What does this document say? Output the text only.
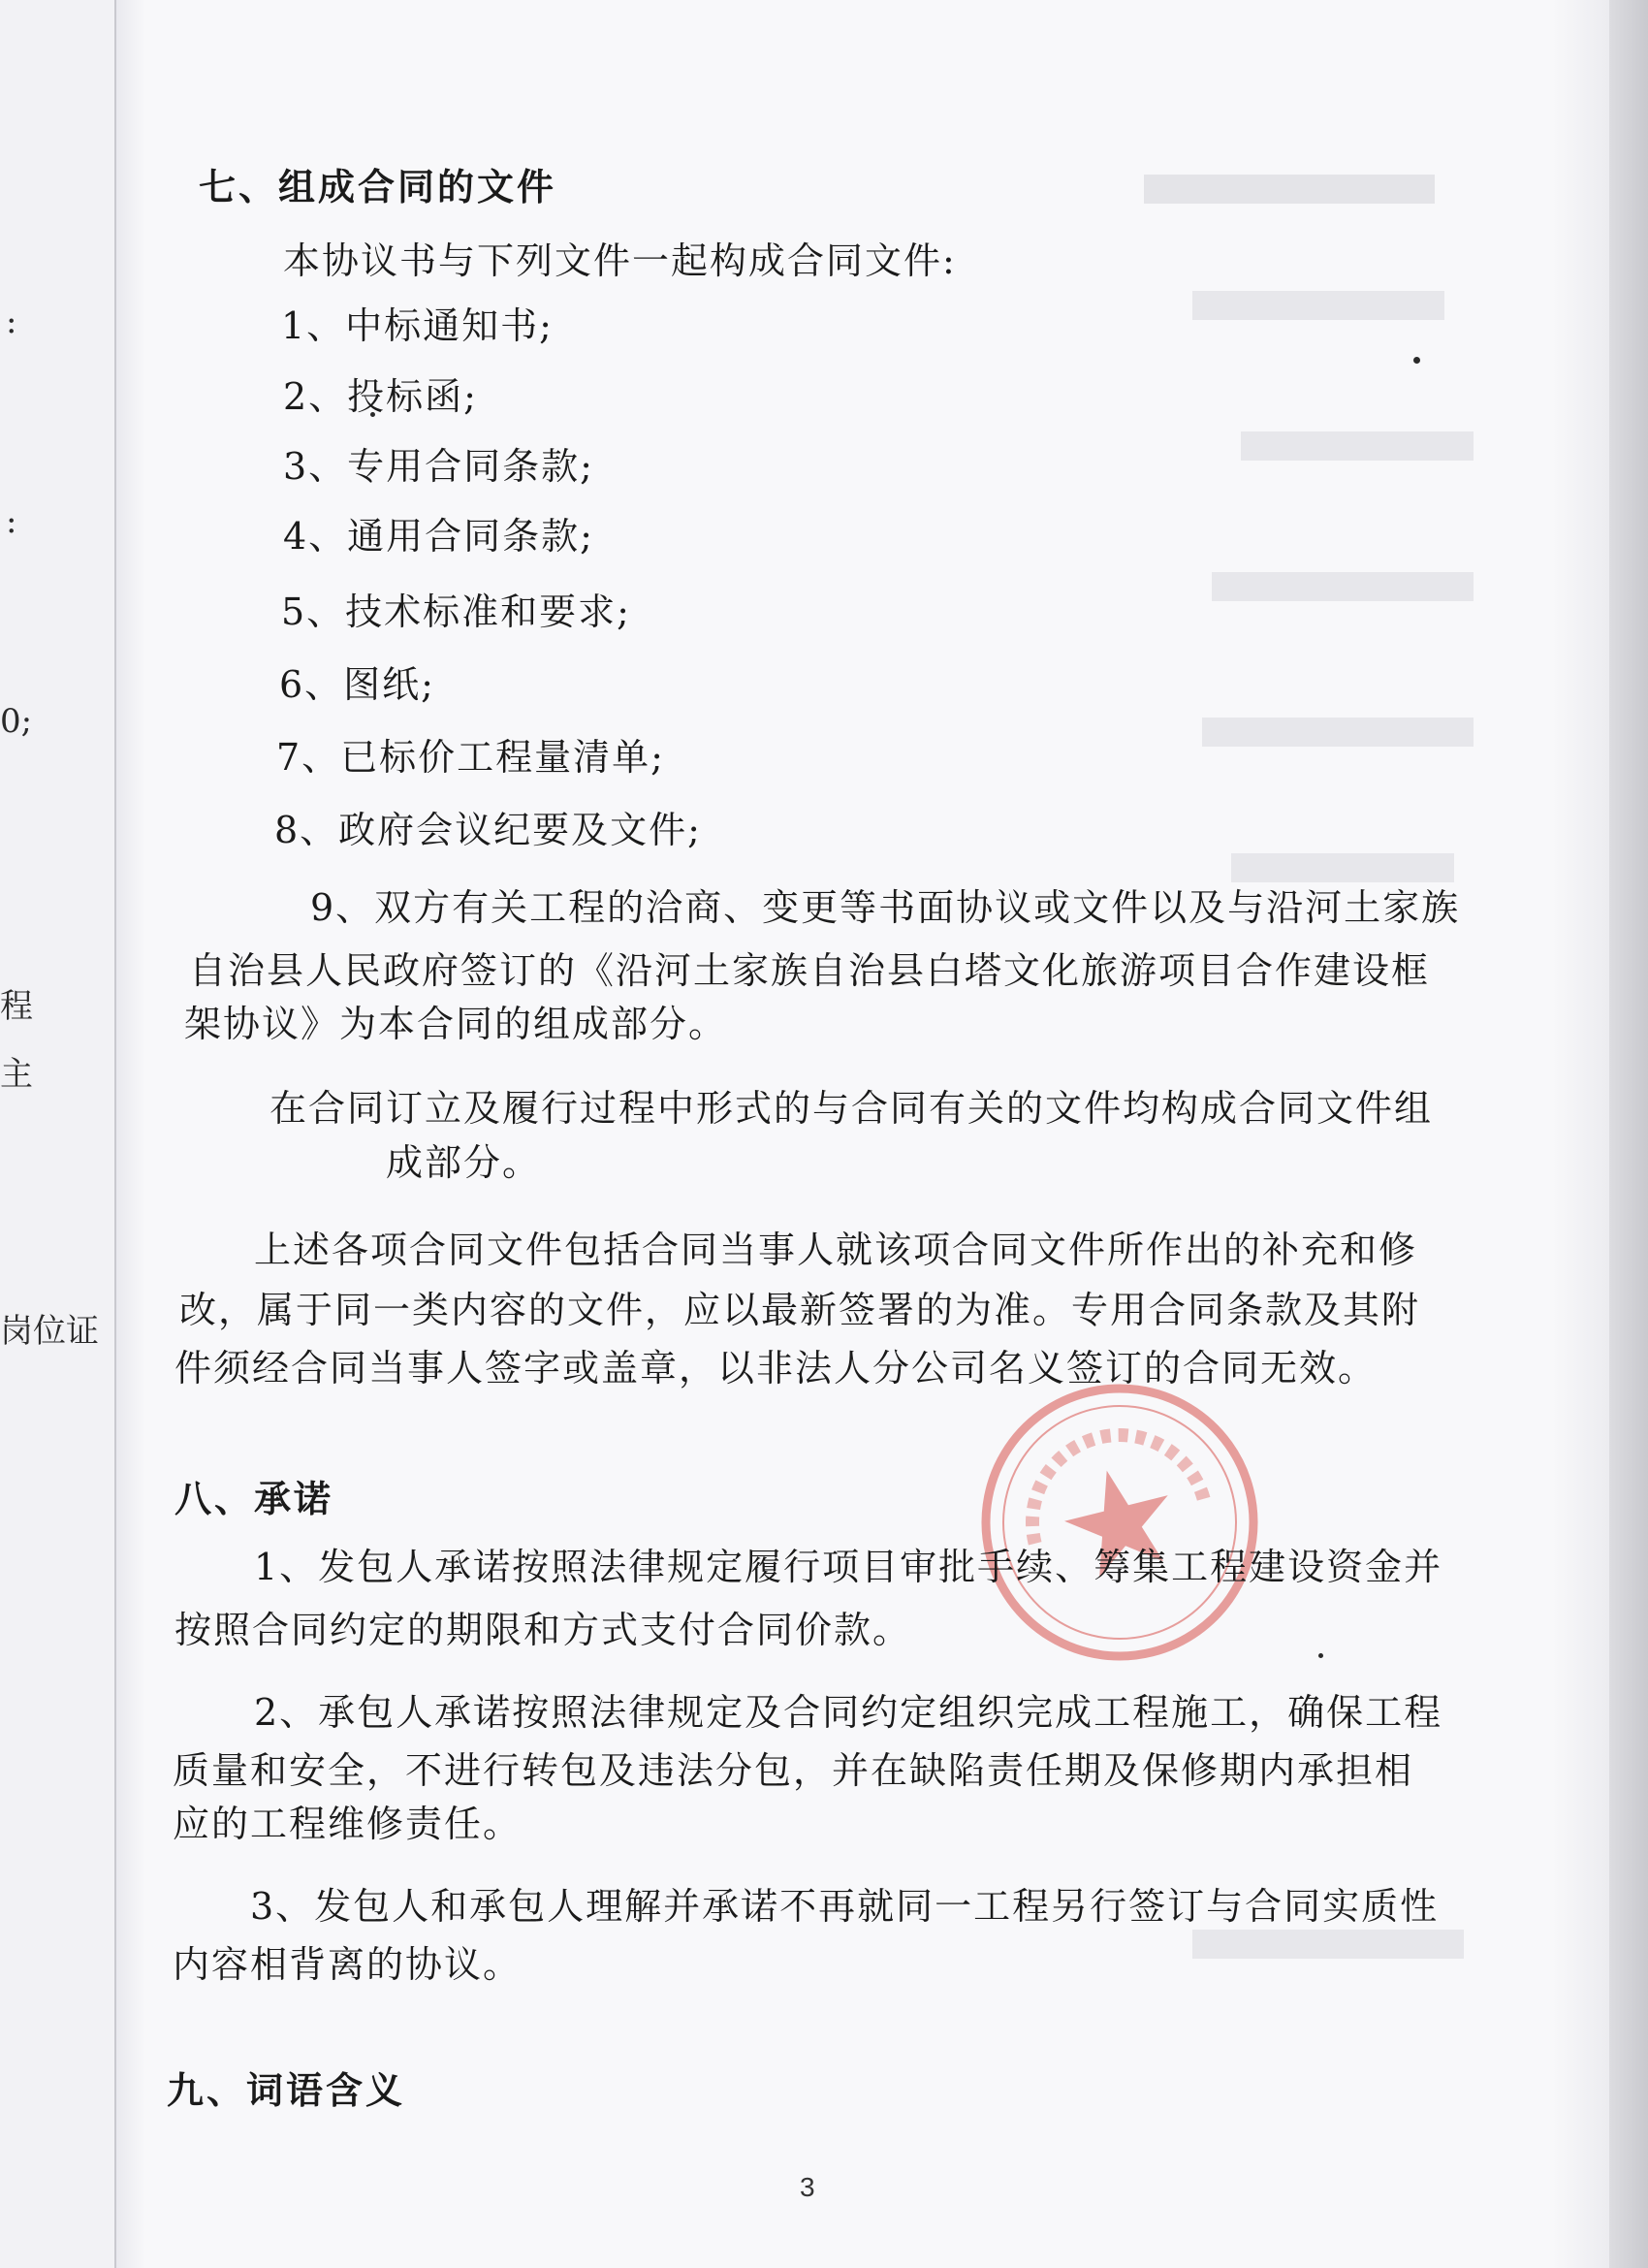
:
:
0;
程
主
岗位证
七、组成合同的文件
本协议书与下列文件一起构成合同文件:
1、中标通知书;
2、投标函;
3、专用合同条款;
4、通用合同条款;
5、技术标准和要求;
6、图纸;
7、已标价工程量清单;
8、政府会议纪要及文件;
9、双方有关工程的洽商、变更等书面协议或文件以及与沿河土家族
自治县人民政府签订的《沿河土家族自治县白塔文化旅游项目合作建设框
架协议》为本合同的组成部分。
在合同订立及履行过程中形式的与合同有关的文件均构成合同文件组
成部分。
上述各项合同文件包括合同当事人就该项合同文件所作出的补充和修
改，属于同一类内容的文件，应以最新签署的为准。专用合同条款及其附
件须经合同当事人签字或盖章，以非法人分公司名义签订的合同无效。
八、承诺
1、发包人承诺按照法律规定履行项目审批手续、筹集工程建设资金并
按照合同约定的期限和方式支付合同价款。
2、承包人承诺按照法律规定及合同约定组织完成工程施工，确保工程
质量和安全，不进行转包及违法分包，并在缺陷责任期及保修期内承担相
应的工程维修责任。
3、发包人和承包人理解并承诺不再就同一工程另行签订与合同实质性
内容相背离的协议。
九、词语含义
3
